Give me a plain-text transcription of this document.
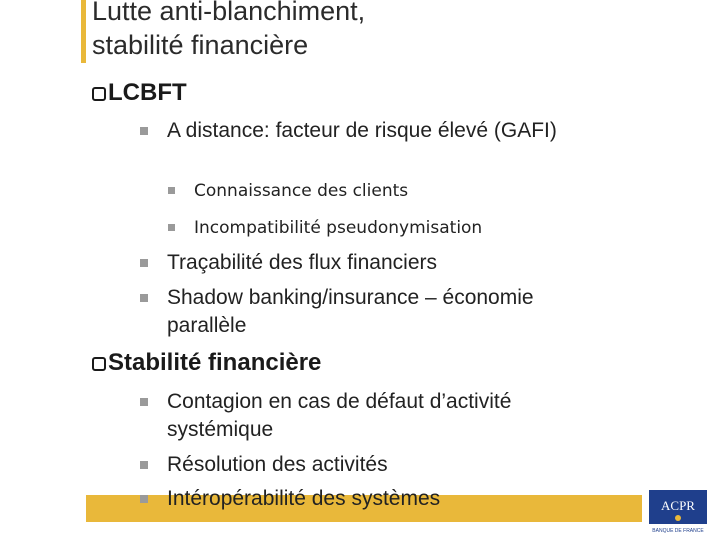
Lutte anti-blanchiment,
stabilité financière
LCBFT
A distance: facteur de risque élevé (GAFI)
Connaissance des clients
Incompatibilité pseudonymisation
Traçabilité des flux financiers
Shadow banking/insurance – économie parallèle
Stabilité financière
Contagion en cas de défaut d’activité systémique
Résolution des activités
Intéropérabilité des systèmes	ACPR
BANQUE DE FRANCE
